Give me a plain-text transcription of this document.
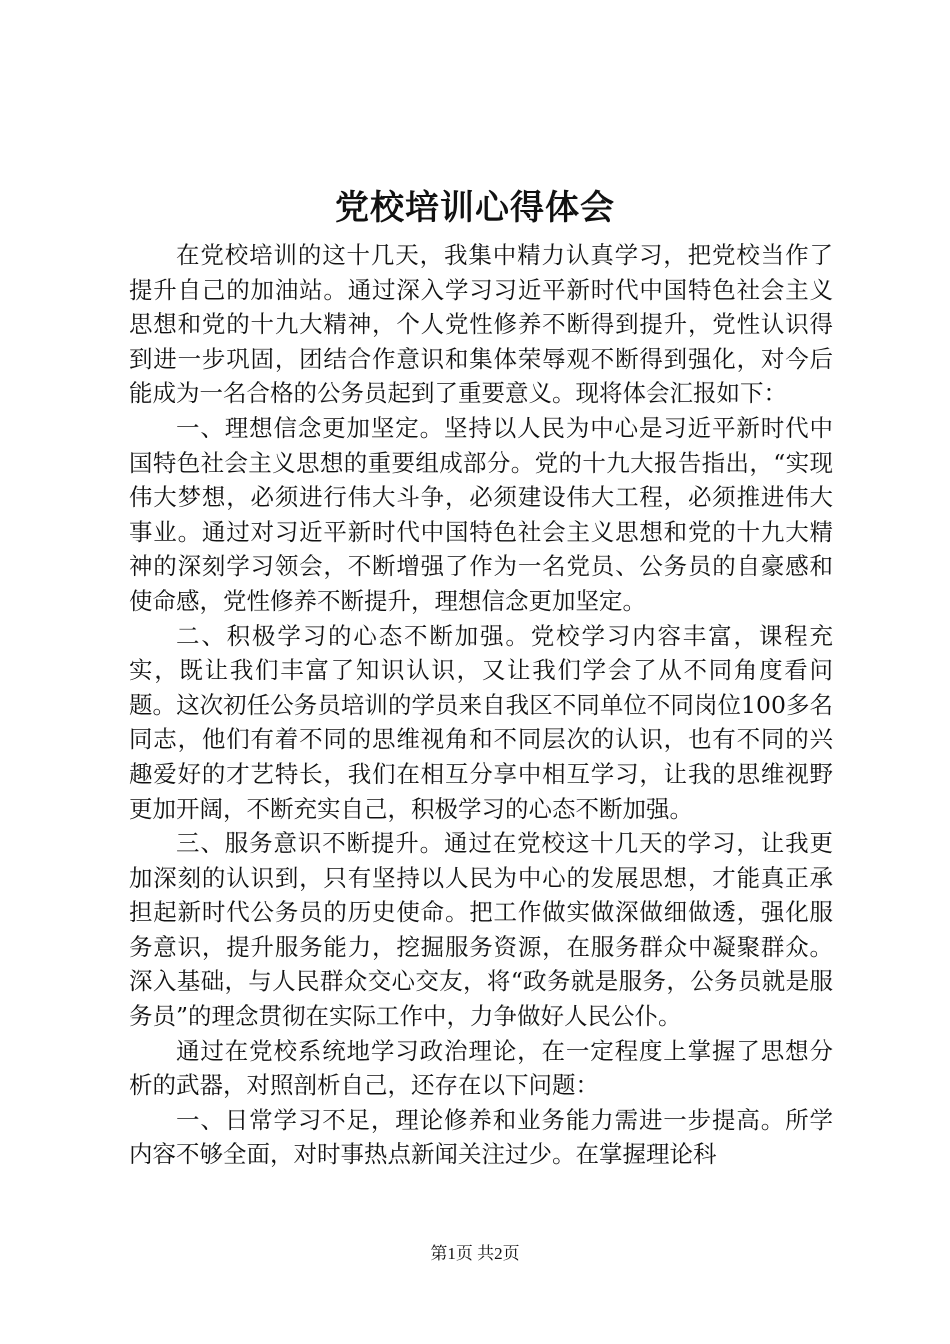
党校培训心得体会

在党校培训的这十几天，我集中精力认真学习，把党校当作了提升自己的加油站。通过深入学习习近平新时代中国特色社会主义思想和党的十九大精神，个人党性修养不断得到提升，党性认识得到进一步巩固，团结合作意识和集体荣辱观不断得到强化，对今后能成为一名合格的公务员起到了重要意义。现将体会汇报如下：

一、理想信念更加坚定。坚持以人民为中心是习近平新时代中国特色社会主义思想的重要组成部分。党的十九大报告指出，“实现伟大梦想，必须进行伟大斗争，必须建设伟大工程，必须推进伟大事业。通过对习近平新时代中国特色社会主义思想和党的十九大精神的深刻学习领会，不断增强了作为一名党员、公务员的自豪感和使命感，党性修养不断提升，理想信念更加坚定。

二、积极学习的心态不断加强。党校学习内容丰富，课程充实，既让我们丰富了知识认识，又让我们学会了从不同角度看问题。这次初任公务员培训的学员来自我区不同单位不同岗位100多名同志，他们有着不同的思维视角和不同层次的认识，也有不同的兴趣爱好的才艺特长，我们在相互分享中相互学习，让我的思维视野更加开阔，不断充实自己，积极学习的心态不断加强。

三、服务意识不断提升。通过在党校这十几天的学习，让我更加深刻的认识到，只有坚持以人民为中心的发展思想，才能真正承担起新时代公务员的历史使命。把工作做实做深做细做透，强化服务意识，提升服务能力，挖掘服务资源，在服务群众中凝聚群众。深入基础，与人民群众交心交友，将“政务就是服务，公务员就是服务员”的理念贯彻在实际工作中，力争做好人民公仆。

通过在党校系统地学习政治理论，在一定程度上掌握了思想分析的武器，对照剖析自己，还存在以下问题：

一、日常学习不足，理论修养和业务能力需进一步提高。所学内容不够全面，对时事热点新闻关注过少。在掌握理论科

第1页 共2页
